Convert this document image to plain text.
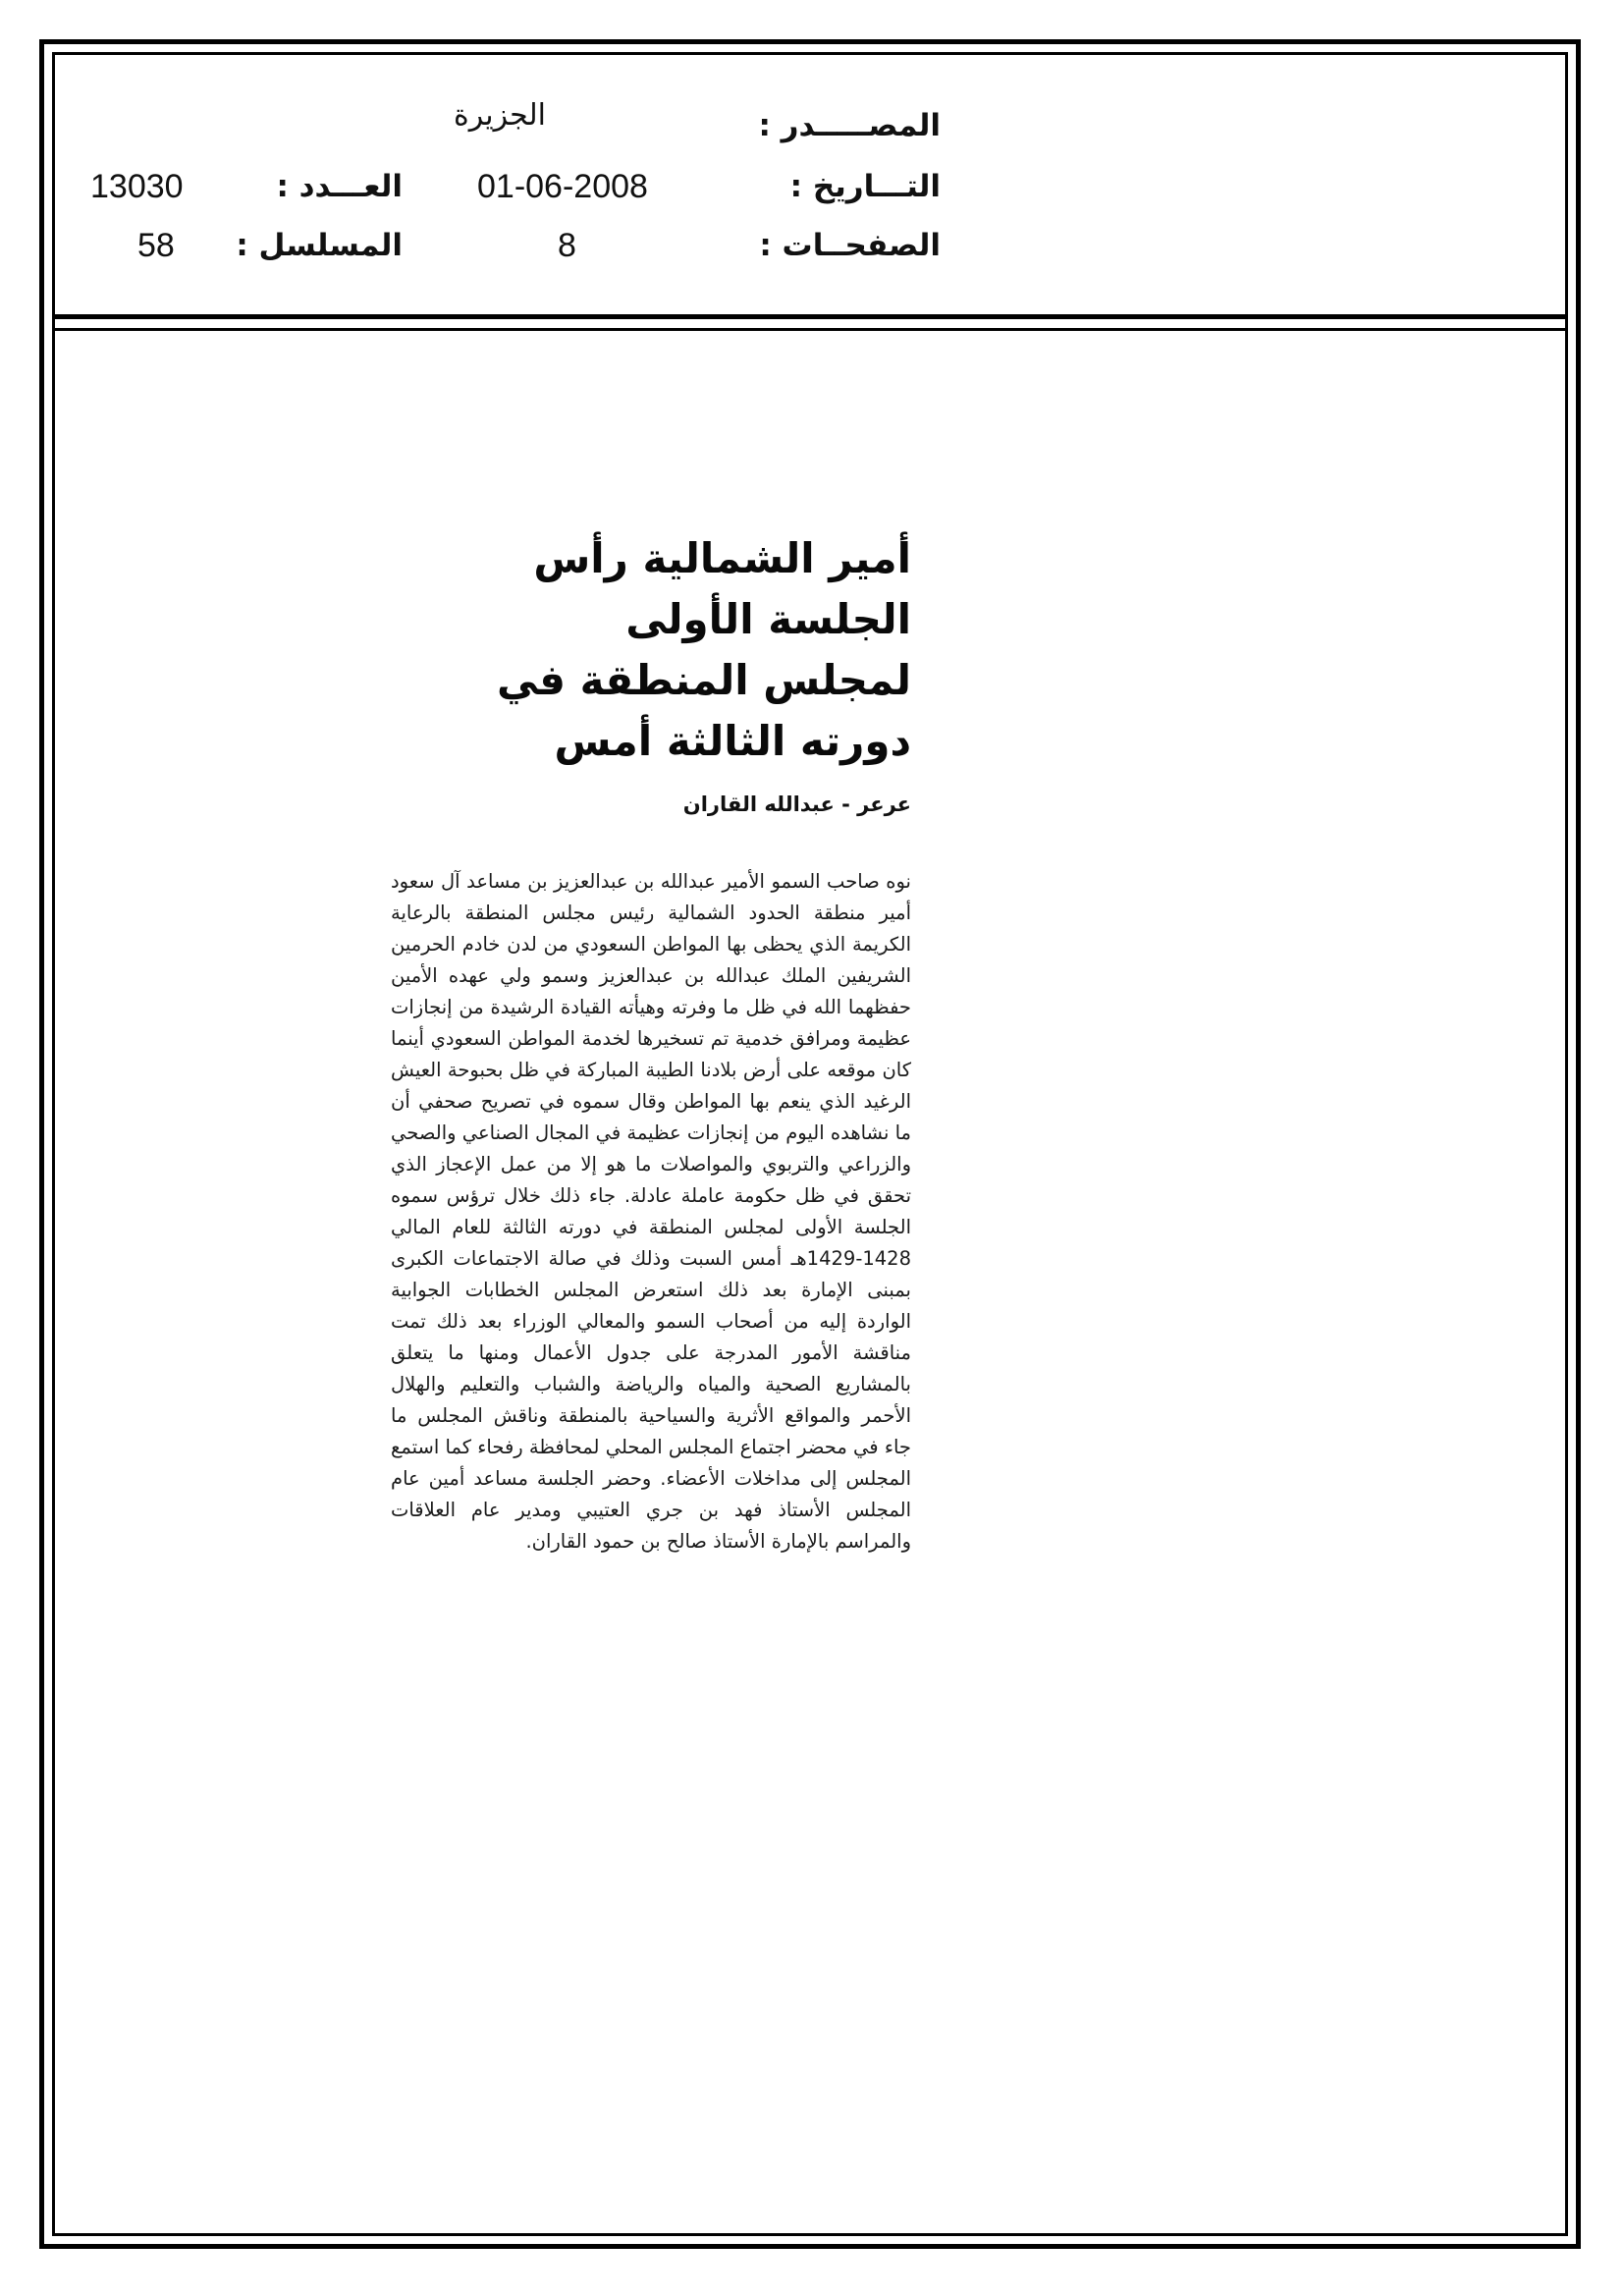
المصـــــدر :
الجزيرة
التـــاريخ :
01-06-2008
العـــدد :
13030
الصفحــات :
8
المسلسل :
58
أمير الشمالية رأس الجلسة الأولى
لمجلس المنطقة في دورته الثالثة أمس
عرعر - عبدالله القاران
نوه صاحب السمو الأمير عبدالله بن عبدالعزيز بن مساعد آل سعود أمير منطقة الحدود الشمالية رئيس مجلس المنطقة بالرعاية الكريمة الذي يحظى بها المواطن السعودي من لدن خادم الحرمين الشريفين الملك عبدالله بن عبدالعزيز وسمو ولي عهده الأمين حفظهما الله في ظل ما وفرته وهيأته القيادة الرشيدة من إنجازات عظيمة ومرافق خدمية تم تسخيرها لخدمة المواطن السعودي أينما كان موقعه على أرض بلادنا الطيبة المباركة في ظل بحبوحة العيش الرغيد الذي ينعم بها المواطن وقال سموه في تصريح صحفي أن ما نشاهده اليوم من إنجازات عظيمة في المجال الصناعي والصحي والزراعي والتربوي والمواصلات ما هو إلا من عمل الإعجاز الذي تحقق في ظل حكومة عاملة عادلة. جاء ذلك خلال ترؤس سموه الجلسة الأولى لمجلس المنطقة في دورته الثالثة للعام المالي 1428-1429هـ أمس السبت وذلك في صالة الاجتماعات الكبرى بمبنى الإمارة بعد ذلك استعرض المجلس الخطابات الجوابية الواردة إليه من أصحاب السمو والمعالي الوزراء بعد ذلك تمت مناقشة الأمور المدرجة على جدول الأعمال ومنها ما يتعلق بالمشاريع الصحية والمياه والرياضة والشباب والتعليم والهلال الأحمر والمواقع الأثرية والسياحية بالمنطقة وناقش المجلس ما جاء في محضر اجتماع المجلس المحلي لمحافظة رفحاء كما استمع المجلس إلى مداخلات الأعضاء. وحضر الجلسة مساعد أمين عام المجلس الأستاذ فهد بن جري العتيبي ومدير عام العلاقات والمراسم بالإمارة الأستاذ صالح بن حمود القاران.
